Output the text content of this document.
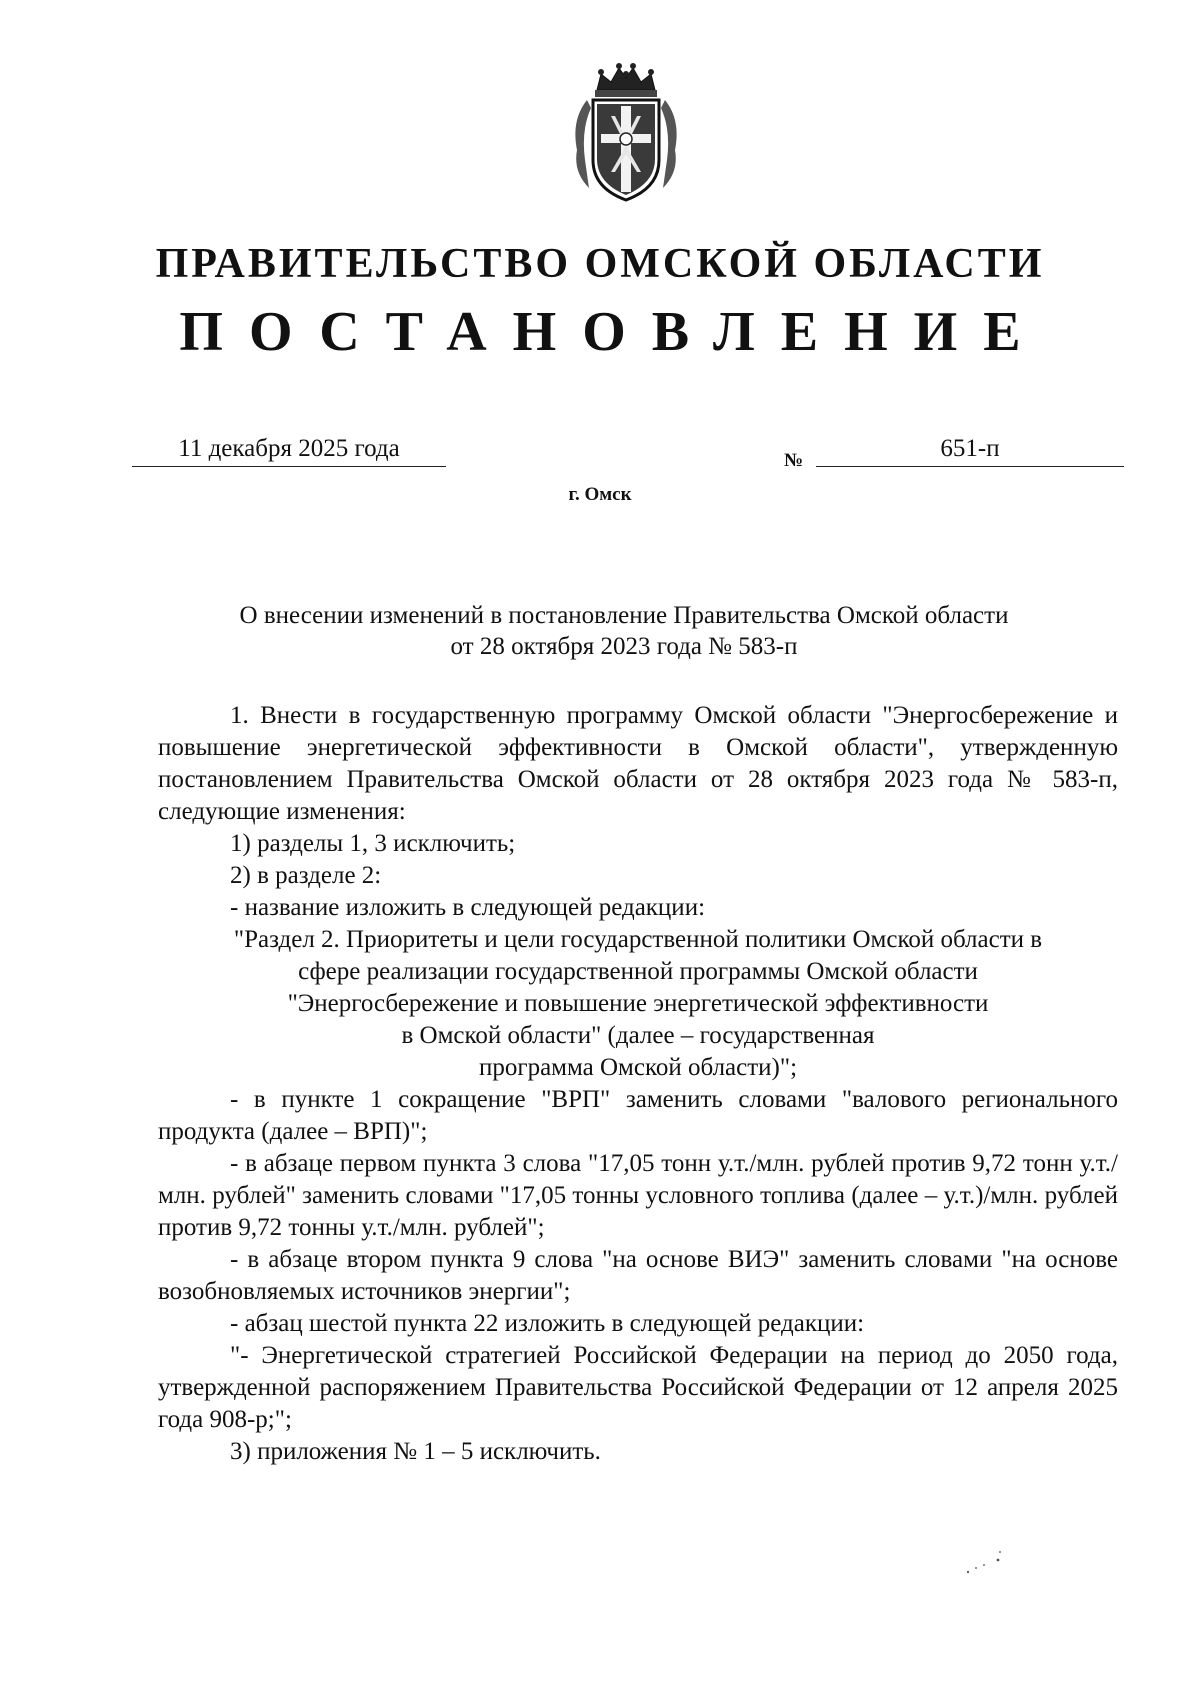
ПРАВИТЕЛЬСТВО ОМСКОЙ ОБЛАСТИ
ПОСТАНОВЛЕНИЕ
11 декабря 2025 года	№	651-п
г. Омск
О внесении изменений в постановление Правительства Омской области
от 28 октября 2023 года № 583-п

1. Внести в государственную программу Омской области "Энергосбережение и повышение энергетической эффективности в Омской области", утвержденную постановлением Правительства Омской области от 28 октября 2023 года № 583-п, следующие изменения:

1) разделы 1, 3 исключить;

2) в разделе 2:

- название изложить в следующей редакции:

"Раздел 2. Приоритеты и цели государственной политики Омской области в

сфере реализации государственной программы Омской области

"Энергосбережение и повышение энергетической эффективности

в Омской области" (далее – государственная

программа Омской области)";

- в пункте 1 сокращение "ВРП" заменить словами "валового регионального продукта (далее – ВРП)";

- в абзаце первом пункта 3 слова "17,05 тонн у.т./млн. рублей против 9,72 тонн у.т./млн. рублей" заменить словами "17,05 тонны условного топлива (далее – у.т.)/млн. рублей против 9,72 тонны у.т./млн. рублей";

- в абзаце втором пункта 9 слова "на основе ВИЭ" заменить словами "на основе возобновляемых источников энергии";

- абзац шестой пункта 22 изложить в следующей редакции:

"- Энергетической стратегией Российской Федерации на период до 2050 года, утвержденной распоряжением Правительства Российской Федерации от 12 апреля 2025 года 908-р;";

3) приложения № 1 – 5 исключить.
